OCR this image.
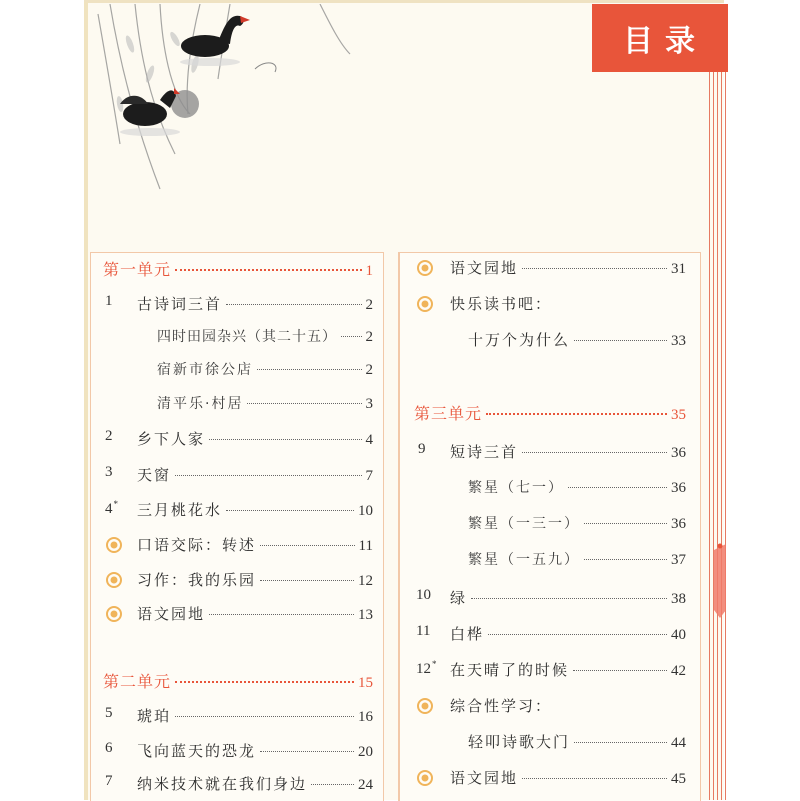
目录
第一单元	1
1	古诗词三首	2
四时田园杂兴（其二十五） 2
宿新市徐公店	2
清平乐·村居	3
2	乡下人家	4
3	天窗	7
4*	三月桃花水	10
口语交际：转述	11
习作：我的乐园	12
语文园地	13
第二单元	15
5	琥珀	16
6	飞向蓝天的恐龙	20
7	纳米技术就在我们身边	24
语文园地	31
快乐读书吧：
十万个为什么	33
第三单元	35
9	短诗三首	36
繁星（七一）	36
繁星（一三一）	36
繁星（一五九）	37
10	绿	38
11	白桦	40
12* 在天晴了的时候	42
综合性学习：
轻叩诗歌大门	44
语文园地	45
